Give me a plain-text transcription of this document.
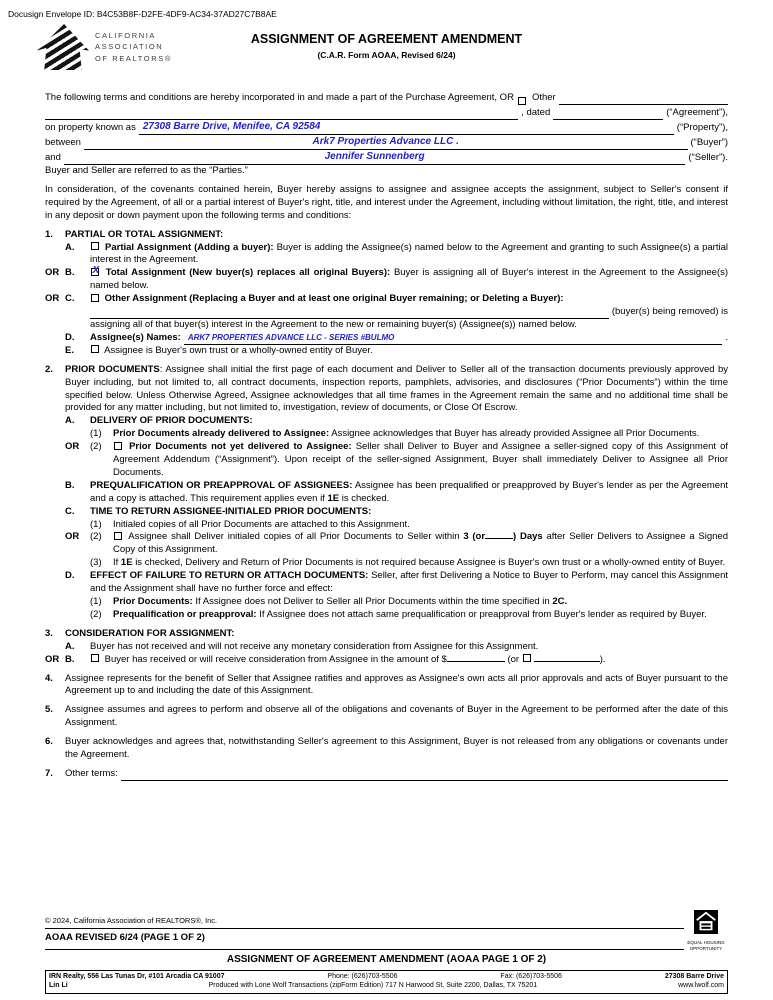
Docusign Envelope ID: B4C53B8F-D2FE-4DF9-AC34-37AD27C7B8AE
CALIFORNIA
ASSOCIATION
OF REALTORS®
ASSIGNMENT OF AGREEMENT AMENDMENT
(C.A.R. Form AOAA, Revised 6/24)
The following terms and conditions are hereby incorporated in and made a part of the Purchase Agreement, OR Other
, dated	(“Agreement”),
on property known as 27308 Barre Drive, Menifee, CA 92584	(“Property”),
between	Ark7 Properties Advance LLC .	(“Buyer”)
and	Jennifer Sunnenberg	(“Seller”).
Buyer and Seller are referred to as the “Parties.”
In consideration, of the covenants contained herein, Buyer hereby assigns to assignee and assignee accepts the assignment, subject to Seller's consent if required by the Agreement, of all or a partial interest of Buyer's right, title, and interest under the Agreement, including without limitation, the right, title, and interest in any deposit or down payment upon the following terms and conditions:
1.	PARTIAL OR TOTAL ASSIGNMENT:
A.	Partial Assignment (Adding a buyer): Buyer is adding the Assignee(s) named below to the Agreement and granting to such Assignee(s) a partial interest in the Agreement.
OR B.	X Total Assignment (New buyer(s) replaces all original Buyers): Buyer is assigning all of Buyer's interest in the Agreement to the Assignee(s) named below.
OR C.	Other Assignment (Replacing a Buyer and at least one original Buyer remaining; or Deleting a Buyer):
(buyer(s) being removed) is
assigning all of that buyer(s) interest in the Agreement to the new or remaining buyer(s) (Assignee(s)) named below.
D.	Assignee(s) Names: ARK7 PROPERTIES ADVANCE LLC - SERIES #BULMO	.
E.	Assignee is Buyer's own trust or a wholly-owned entity of Buyer.
2.	PRIOR DOCUMENTS: Assignee shall initial the first page of each document and Deliver to Seller all of the transaction documents previously approved by Buyer including, but not limited to, all contract documents, inspection reports, pamphlets, advisories, and disclosures (“Prior Documents”) within the time specified below. Unless Otherwise Agreed, Assignee acknowledges that all time frames in the Agreement remain the same and no additional time shall be provided for any matter including, but not limited to, investigation, review of documents, or Close Of Escrow.
A.	DELIVERY OF PRIOR DOCUMENTS:
(1)	Prior Documents already delivered to Assignee: Assignee acknowledges that Buyer has already provided Assignee all Prior Documents.
OR	(2)	Prior Documents not yet delivered to Assignee: Seller shall Deliver to Buyer and Assignee a seller-signed copy of this Assignment of Agreement Addendum (“Assignment”). Upon receipt of the seller-signed Assignment, Buyer shall immediately Deliver to Assignee all Prior Documents.
B.	PREQUALIFICATION OR PREAPPROVAL OF ASSIGNEES: Assignee has been prequalified or preapproved by Buyer's lender as per the Agreement and a copy is attached. This requirement applies even if 1E is checked.
C.	TIME TO RETURN ASSIGNEE-INITIALED PRIOR DOCUMENTS:
(1)	Initialed copies of all Prior Documents are attached to this Assignment.
OR	(2)	Assignee shall Deliver initialed copies of all Prior Documents to Seller within 3 (or	) Days after Seller Delivers to Assignee a Signed Copy of this Assignment.
(3)	If 1E is checked, Delivery and Return of Prior Documents is not required because Assignee is Buyer's own trust or a wholly-owned entity of Buyer.
D.	EFFECT OF FAILURE TO RETURN OR ATTACH DOCUMENTS: Seller, after first Delivering a Notice to Buyer to Perform, may cancel this Assignment and the Assignment shall have no further force and effect:
(1)	Prior Documents: If Assignee does not Deliver to Seller all Prior Documents within the time specified in 2C.
(2)	Prequalification or preapproval: If Assignee does not attach same prequalification or preapproval from Buyer's lender as required by Buyer.
3.	CONSIDERATION FOR ASSIGNMENT:
A.	Buyer has not received and will not receive any monetary consideration from Assignee for this Assignment.
OR B.	Buyer has received or will receive consideration from Assignee in the amount of $	(or	).
4.	Assignee represents for the benefit of Seller that Assignee ratifies and approves as Assignee's own acts all prior approvals and acts of Buyer pursuant to the Agreement up to and including the date of this Assignment.
5.	Assignee assumes and agrees to perform and observe all of the obligations and covenants of Buyer in the Agreement to be performed after the date of this Assignment.
6.	Buyer acknowledges and agrees that, notwithstanding Seller's agreement to this Assignment, Buyer is not released from any obligations or covenants under the Agreement.
7.	Other terms:
© 2024, California Association of REALTORS®, Inc.
AOAA REVISED 6/24 (PAGE 1 OF 2)	EQUAL HOUSING OPPORTUNITY
ASSIGNMENT OF AGREEMENT AMENDMENT (AOAA PAGE 1 OF 2)
IRN Realty, 556 Las Tunas Dr, #101 Arcadia CA 91007	Phone: (626)703-5506	Fax: (626)703-5506	27308 Barre Drive
Lin Li	Produced with Lone Wolf Transactions (zipForm Edition) 717 N Harwood St, Suite 2200, Dallas, TX 75201	www.lwolf.com
